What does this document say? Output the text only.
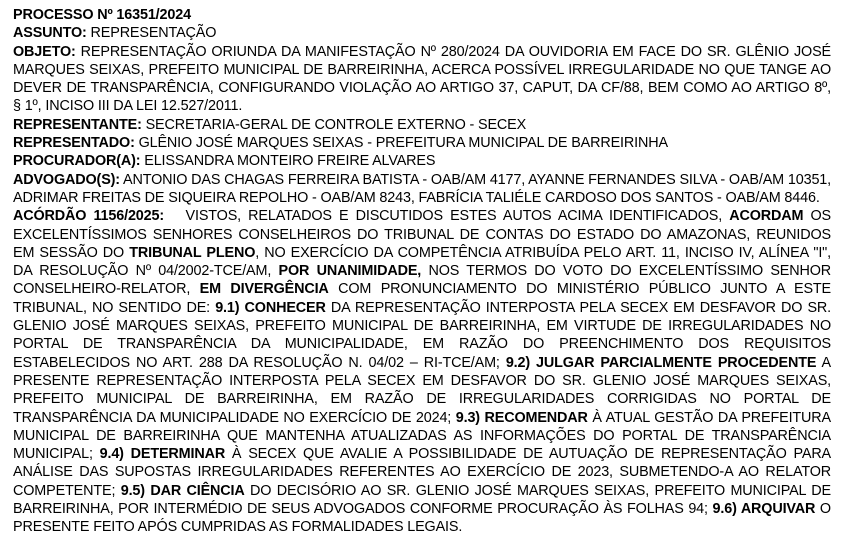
PROCESSO Nº 16351/2024

ASSUNTO: REPRESENTAÇÃO

OBJETO: REPRESENTAÇÃO ORIUNDA DA MANIFESTAÇÃO Nº 280/2024 DA OUVIDORIA EM FACE DO SR. GLÊNIO JOSÉ MARQUES SEIXAS, PREFEITO MUNICIPAL DE BARREIRINHA, ACERCA POSSÍVEL IRREGULARIDADE NO QUE TANGE AO DEVER DE TRANSPARÊNCIA, CONFIGURANDO VIOLAÇÃO AO ARTIGO 37, CAPUT, DA CF/88, BEM COMO AO ARTIGO 8º, § 1º, INCISO III DA LEI 12.527/2011.

REPRESENTANTE: SECRETARIA-GERAL DE CONTROLE EXTERNO - SECEX

REPRESENTADO: GLÊNIO JOSÉ MARQUES SEIXAS - PREFEITURA MUNICIPAL DE BARREIRINHA

PROCURADOR(A): ELISSANDRA MONTEIRO FREIRE ALVARES

ADVOGADO(S): ANTONIO DAS CHAGAS FERREIRA BATISTA - OAB/AM 4177, AYANNE FERNANDES SILVA - OAB/AM 10351, ADRIMAR FREITAS DE SIQUEIRA REPOLHO - OAB/AM 8243, FABRÍCIA TALIÉLE CARDOSO DOS SANTOS - OAB/AM 8446.

ACÓRDÃO 1156/2025:   VISTOS, RELATADOS E DISCUTIDOS ESTES AUTOS ACIMA IDENTIFICADOS, ACORDAM OS EXCELENTÍSSIMOS SENHORES CONSELHEIROS DO TRIBUNAL DE CONTAS DO ESTADO DO AMAZONAS, REUNIDOS EM SESSÃO DO TRIBUNAL PLENO, NO EXERCÍCIO DA COMPETÊNCIA ATRIBUÍDA PELO ART. 11, INCISO IV, ALÍNEA "I", DA RESOLUÇÃO Nº 04/2002-TCE/AM, POR UNANIMIDADE, NOS TERMOS DO VOTO DO EXCELENTÍSSIMO SENHOR CONSELHEIRO-RELATOR, EM DIVERGÊNCIA COM PRONUNCIAMENTO DO MINISTÉRIO PÚBLICO JUNTO A ESTE TRIBUNAL, NO SENTIDO DE: 9.1) CONHECER DA REPRESENTAÇÃO INTERPOSTA PELA SECEX EM DESFAVOR DO SR. GLENIO JOSÉ MARQUES SEIXAS, PREFEITO MUNICIPAL DE BARREIRINHA, EM VIRTUDE DE IRREGULARIDADES NO PORTAL DE TRANSPARÊNCIA DA MUNICIPALIDADE, EM RAZÃO DO PREENCHIMENTO DOS REQUISITOS ESTABELECIDOS NO ART. 288 DA RESOLUÇÃO N. 04/02 – RI-TCE/AM; 9.2) JULGAR PARCIALMENTE PROCEDENTE A PRESENTE REPRESENTAÇÃO INTERPOSTA PELA SECEX EM DESFAVOR DO SR. GLENIO JOSÉ MARQUES SEIXAS, PREFEITO MUNICIPAL DE BARREIRINHA, EM RAZÃO DE IRREGULARIDADES CORRIGIDAS NO PORTAL DE TRANSPARÊNCIA DA MUNICIPALIDADE NO EXERCÍCIO DE 2024; 9.3) RECOMENDAR À ATUAL GESTÃO DA PREFEITURA MUNICIPAL DE BARREIRINHA QUE MANTENHA ATUALIZADAS AS INFORMAÇÕES DO PORTAL DE TRANSPARÊNCIA MUNICIPAL; 9.4) DETERMINAR À SECEX QUE AVALIE A POSSIBILIDADE DE AUTUAÇÃO DE REPRESENTAÇÃO PARA ANÁLISE DAS SUPOSTAS IRREGULARIDADES REFERENTES AO EXERCÍCIO DE 2023, SUBMETENDO-A AO RELATOR COMPETENTE; 9.5) DAR CIÊNCIA DO DECISÓRIO AO SR. GLENIO JOSÉ MARQUES SEIXAS, PREFEITO MUNICIPAL DE BARREIRINHA, POR INTERMÉDIO DE SEUS ADVOGADOS CONFORME PROCURAÇÃO ÀS FOLHAS 94; 9.6) ARQUIVAR O PRESENTE FEITO APÓS CUMPRIDAS AS FORMALIDADES LEGAIS.
